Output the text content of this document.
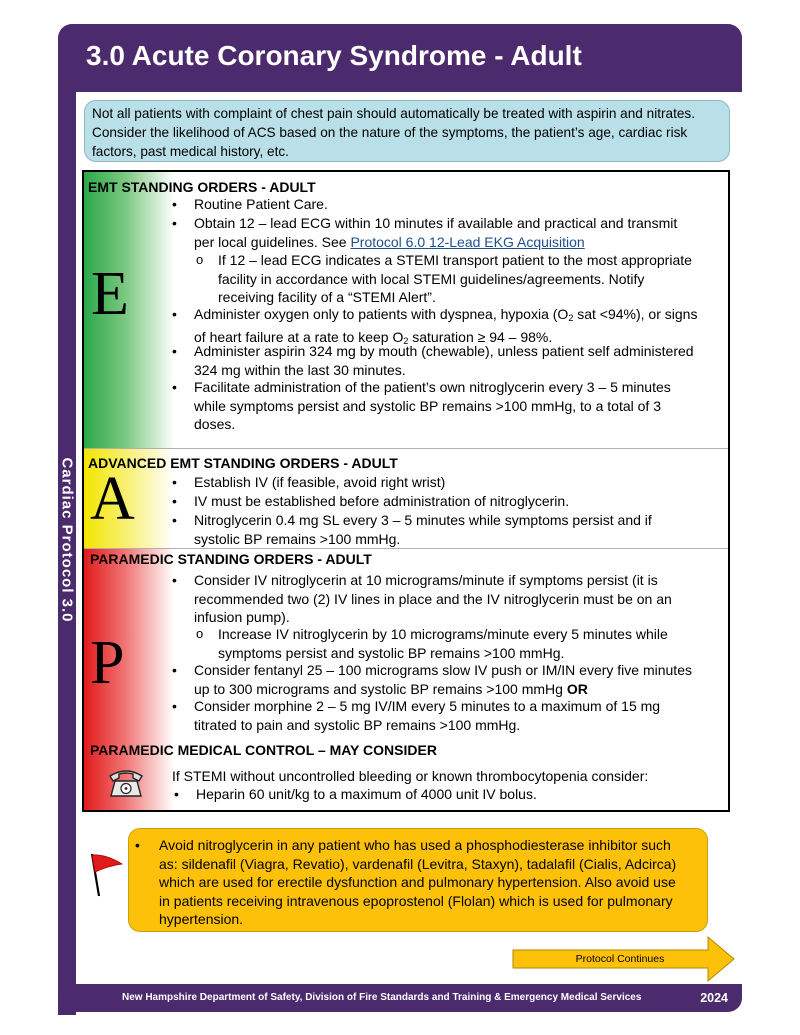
3.0 Acute Coronary Syndrome - Adult
Cardiac Protocol 3.0
Not all patients with complaint of chest pain should automatically be treated with aspirin and nitrates. Consider the likelihood of ACS based on the nature of the symptoms, the patient’s age, cardiac risk factors, past medical history, etc.
EMT STANDING ORDERS - ADULT
E
• Routine Patient Care.
• Obtain 12 – lead ECG within 10 minutes if available and practical and transmit
per local guidelines. See Protocol 6.0 12-Lead EKG Acquisition
o If 12 – lead ECG indicates a STEMI transport patient to the most appropriate
facility in accordance with local STEMI guidelines/agreements. Notify
receiving facility of a “STEMI Alert”.
• Administer oxygen only to patients with dyspnea, hypoxia ($O_2$ sat <94%), or signs
of heart failure at a rate to keep $O_2$ saturation ≥ 94 – 98%.
• Administer aspirin 324 mg by mouth (chewable), unless patient self administered
324 mg within the last 30 minutes.
• Facilitate administration of the patient’s own nitroglycerin every 3 – 5 minutes
while symptoms persist and systolic BP remains >100 mmHg, to a total of 3
doses.
ADVANCED EMT STANDING ORDERS - ADULT
A	• Establish IV (if feasible, avoid right wrist)
• IV must be established before administration of nitroglycerin.
• Nitroglycerin 0.4 mg SL every 3 – 5 minutes while symptoms persist and if
systolic BP remains >100 mmHg.
PARAMEDIC STANDING ORDERS - ADULT
P
• Consider IV nitroglycerin at 10 micrograms/minute if symptoms persist (it is
recommended two (2) IV lines in place and the IV nitroglycerin must be on an
infusion pump).
o Increase IV nitroglycerin by 10 micrograms/minute every 5 minutes while
symptoms persist and systolic BP remains >100 mmHg.
• Consider fentanyl 25 – 100 micrograms slow IV push or IM/IN every five minutes
up to 300 micrograms and systolic BP remains >100 mmHg OR
• Consider morphine 2 – 5 mg IV/IM every 5 minutes to a maximum of 15 mg
titrated to pain and systolic BP remains >100 mmHg.
PARAMEDIC MEDICAL CONTROL – MAY CONSIDER
If STEMI without uncontrolled bleeding or known thrombocytopenia consider:
• Heparin 60 unit/kg to a maximum of 4000 unit IV bolus.
• Avoid nitroglycerin in any patient who has used a phosphodiesterase inhibitor such
as: sildenafil (Viagra, Revatio), vardenafil (Levitra, Staxyn), tadalafil (Cialis, Adcirca)
which are used for erectile dysfunction and pulmonary hypertension. Also avoid use
in patients receiving intravenous epoprostenol (Flolan) which is used for pulmonary
hypertension.
Protocol Continues
New Hampshire Department of Safety, Division of Fire Standards and Training & Emergency Medical Services	2024
